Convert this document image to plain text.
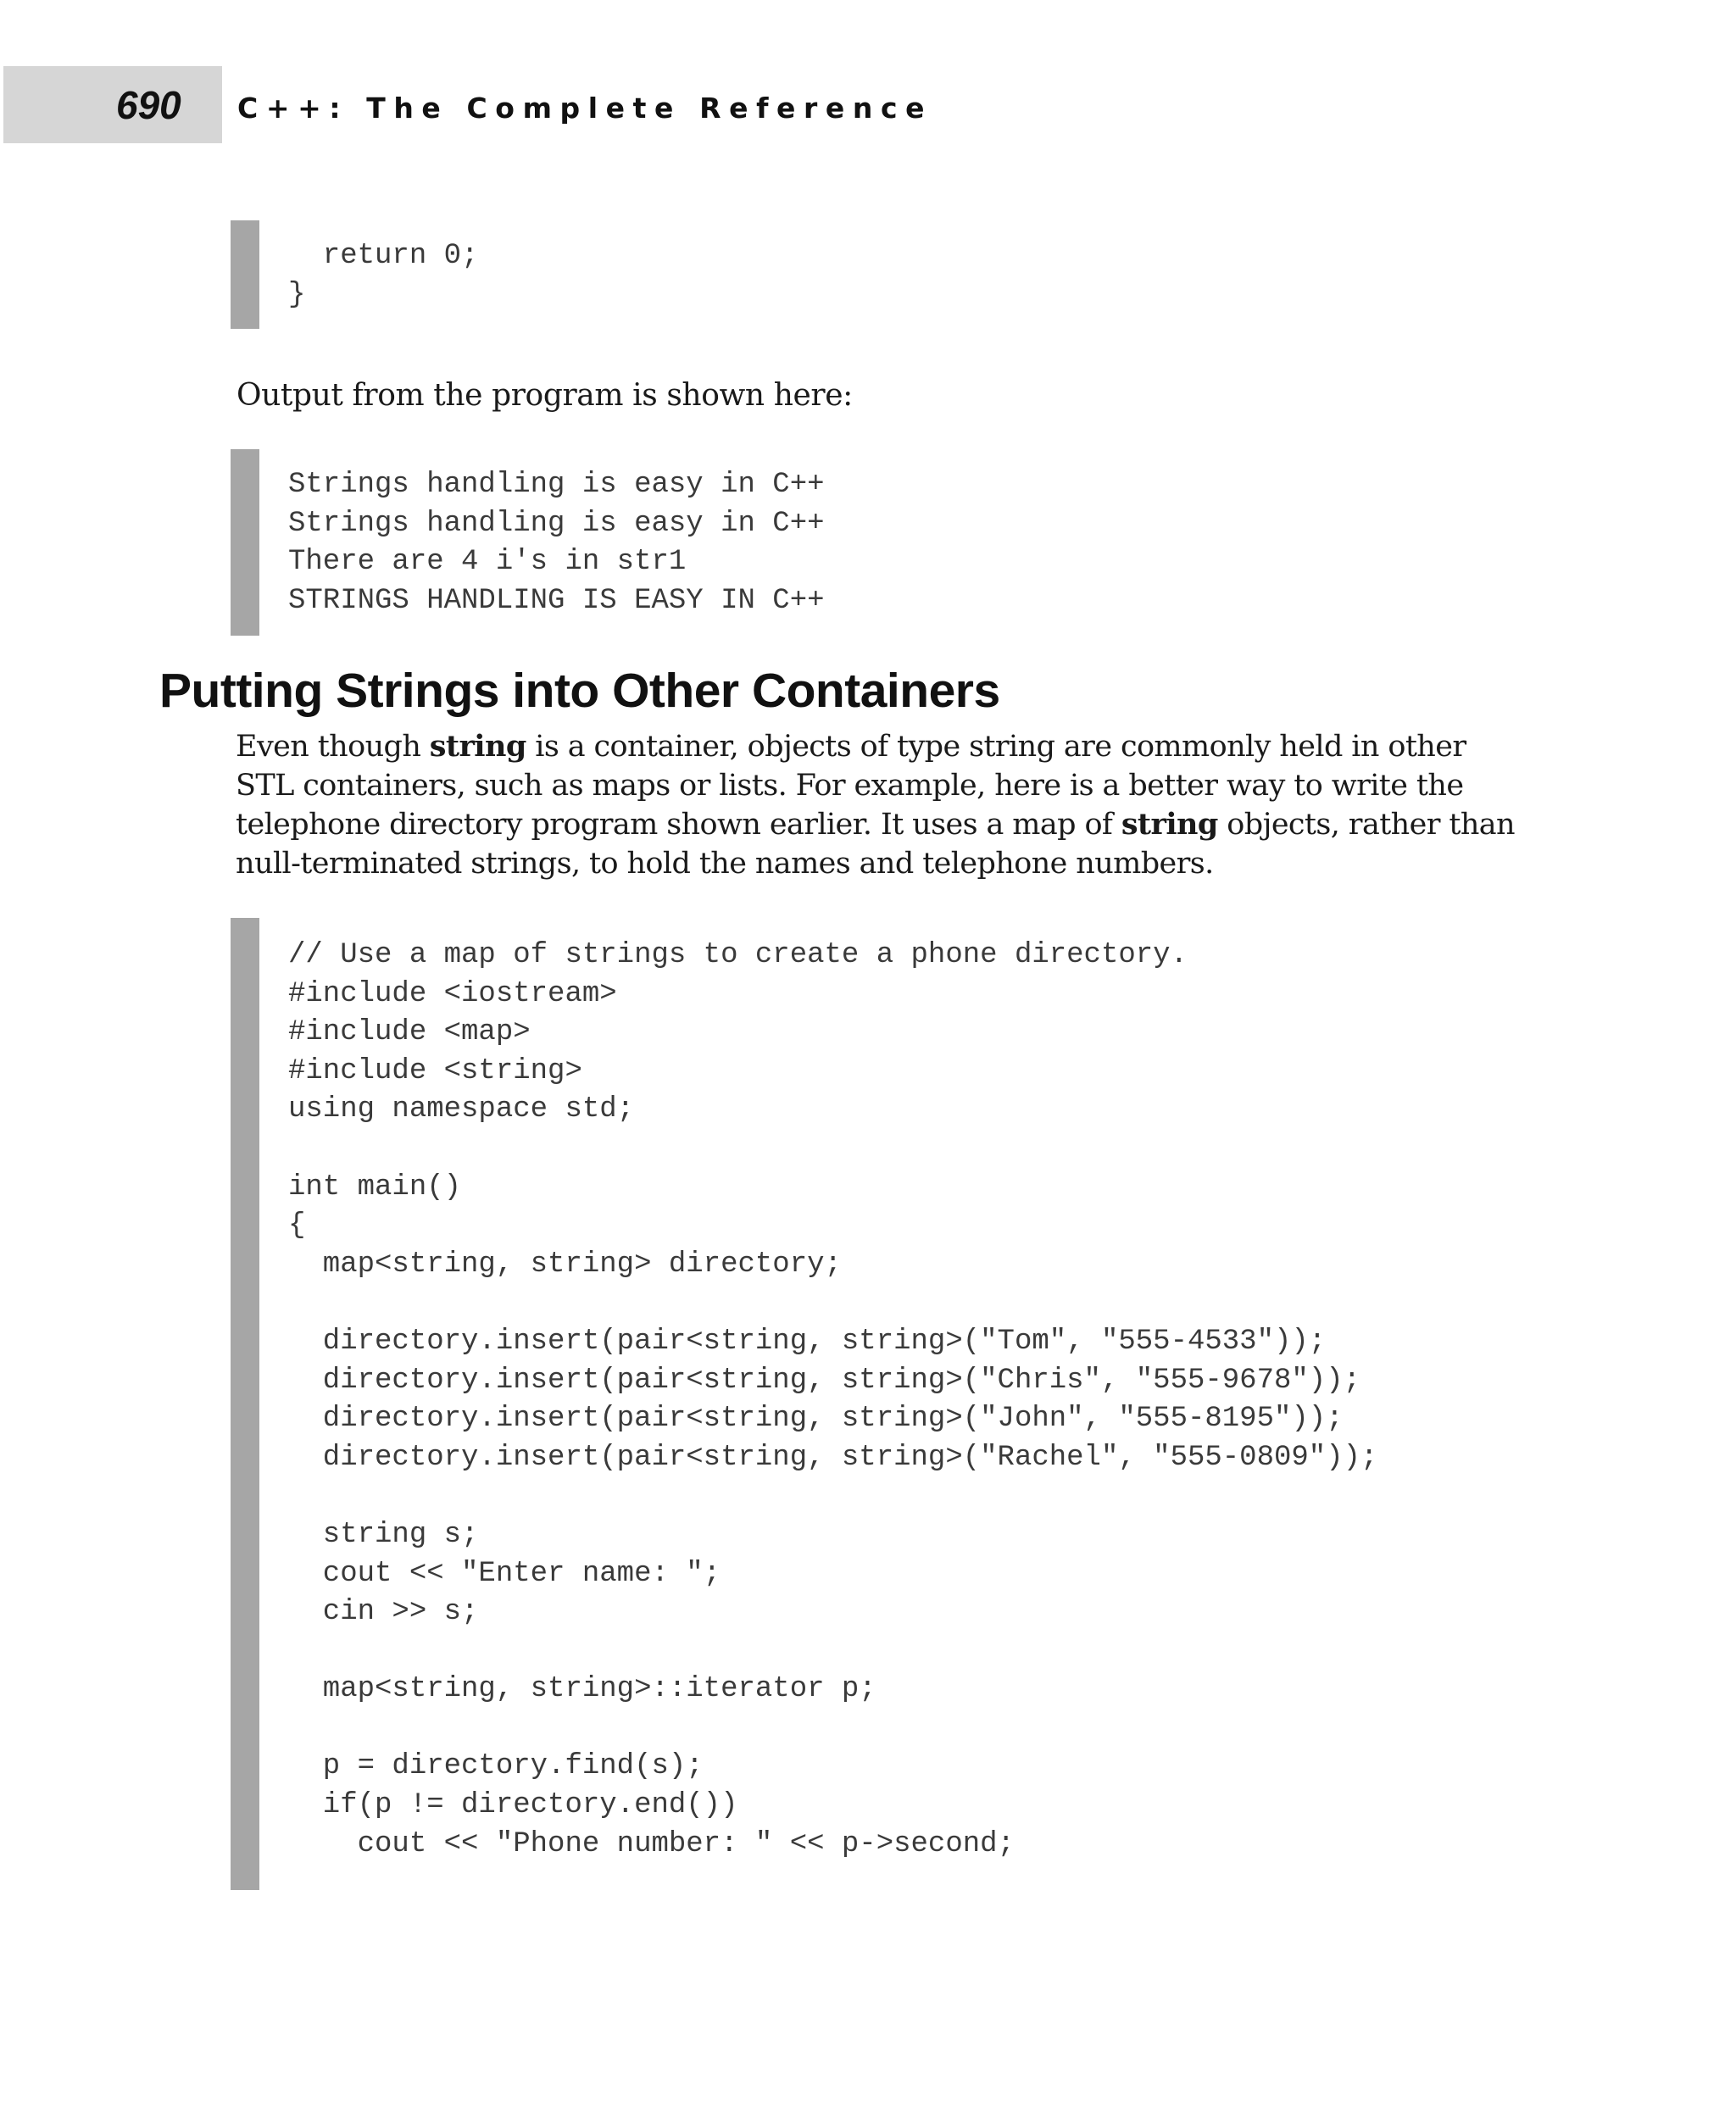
690 C++: The Complete Reference
return 0;
}
Output from the program is shown here:
Strings handling is easy in C++
Strings handling is easy in C++
There are 4 i's in str1
STRINGS HANDLING IS EASY IN C++
Putting Strings into Other Containers

Even though string is a container, objects of type string are commonly held in other
STL containers, such as maps or lists. For example, here is a better way to write the
telephone directory program shown earlier. It uses a map of string objects, rather than
null-terminated strings, to hold the names and telephone numbers.

// Use a map of strings to create a phone directory.
#include <iostream>
#include <map>
#include <string>
using namespace std;
int main()
{
map<string, string> directory;
directory.insert(pair<string, string>("Tom", "555-4533"));
directory.insert(pair<string, string>("Chris", "555-9678"));
directory.insert(pair<string, string>("John", "555-8195"));
directory.insert(pair<string, string>("Rachel", "555-0809"));
string s;
cout << "Enter name: ";
cin >> s;
map<string, string>::iterator p;
p = directory.find(s);
if(p != directory.end())
cout << "Phone number: " << p->second;
